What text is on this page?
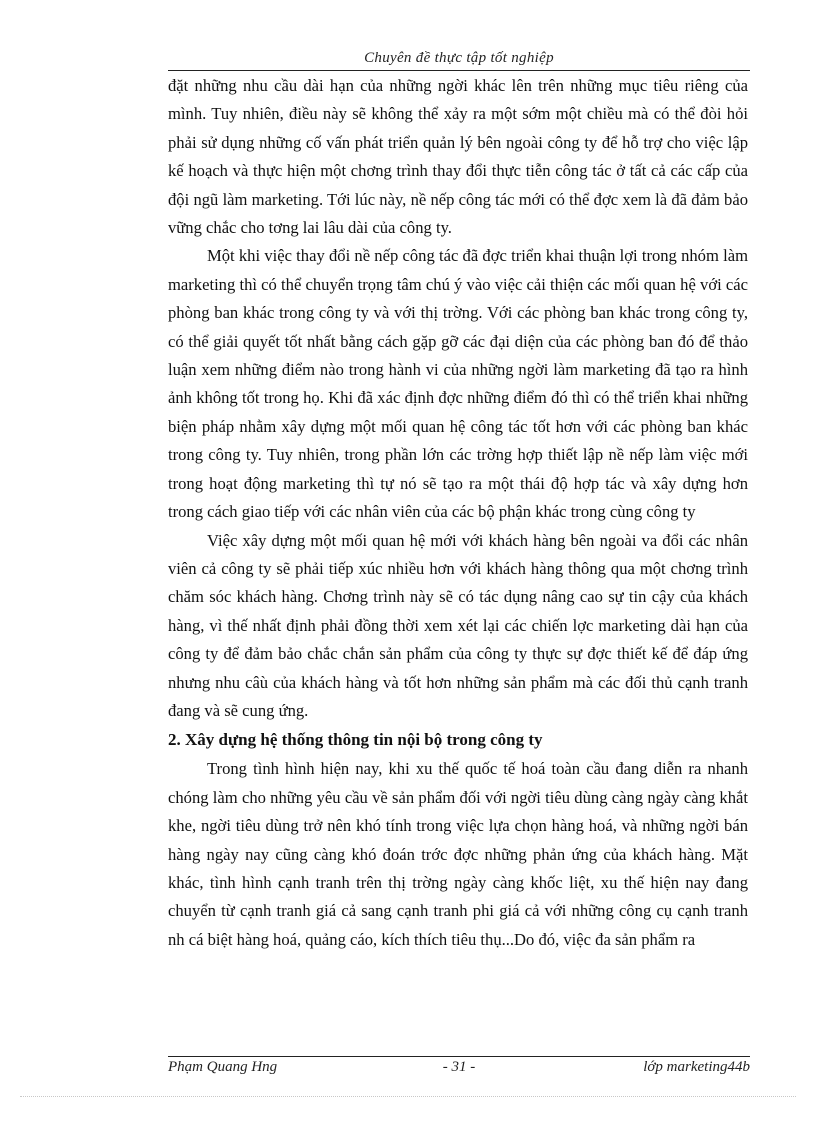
Chuyên đề thực tập tốt nghiệp

đặt những nhu cầu dài hạn của những ngời khác lên trên những mục tiêu riêng của mình. Tuy nhiên, điều này sẽ không thể xảy ra một sớm một chiều mà có thể đòi hỏi phải sử dụng những cố vấn phát triển quản lý bên ngoài công ty để hỗ trợ cho việc lập kế hoạch và thực hiện một chơng trình thay đổi thực tiễn công tác ở tất cả các cấp của đội ngũ làm marketing. Tới lúc này, nề nếp công tác mới có thể đợc xem là đã đảm bảo vững chắc cho tơng lai lâu dài của công ty.

Một khi việc thay đổi nề nếp công tác đã đợc triển khai thuận lợi trong nhóm làm marketing thì có thể chuyển trọng tâm chú ý vào việc cải thiện các mối quan hệ với các phòng ban khác trong công ty và với thị trờng. Với các phòng ban khác trong công ty, có thể giải quyết tốt nhất bằng cách gặp gỡ các đại diện của các phòng ban đó để thảo luận xem những điểm nào trong hành vi của những ngời làm marketing đã tạo ra hình ảnh không tốt trong họ. Khi đã xác định đợc những điểm đó thì có thể triển khai những biện pháp nhằm xây dựng một mối quan hệ công tác tốt hơn với các phòng ban khác trong công ty. Tuy nhiên, trong phần lớn các trờng hợp thiết lập nề nếp làm việc mới trong hoạt động marketing thì tự nó sẽ tạo ra một thái độ hợp tác và xây dựng hơn trong cách giao tiếp với các nhân viên của các bộ phận khác trong cùng công ty

Việc xây dựng một mối quan hệ mới với khách hàng bên ngoài va đổi các nhân viên cả công ty sẽ phải tiếp xúc nhiều hơn với khách hàng thông qua một chơng trình chăm sóc khách hàng. Chơng trình này sẽ có tác dụng nâng cao sự tin cậy của khách hàng, vì thế nhất định phải đồng thời xem xét lại các chiến lợc marketing dài hạn của công ty để đảm bảo chắc chắn sản phẩm của công ty thực sự đợc thiết kế để đáp ứng nhưng nhu câù của khách hàng và tốt hơn những sản phẩm mà các đối thủ cạnh tranh đang và sẽ cung ứng.

2. Xây dựng hệ thống thông tin nội bộ trong công ty

Trong tình hình hiện nay, khi xu thế quốc tế hoá toàn cầu đang diễn ra nhanh chóng làm cho những yêu cầu về sản phẩm đối với ngời tiêu dùng càng ngày càng khắt khe, ngời tiêu dùng trở nên khó tính trong việc lựa chọn hàng hoá, và những ngời bán hàng ngày nay cũng càng khó đoán trớc đợc những phản ứng của khách hàng. Mặt khác, tình hình cạnh tranh trên thị trờng ngày càng khốc liệt, xu thế hiện nay đang chuyển từ cạnh tranh giá cả sang cạnh tranh phi giá cả với những công cụ cạnh tranh nh cá biệt hàng hoá, quảng cáo, kích thích tiêu thụ...Do đó, việc đa sản phẩm ra

Phạm Quang Hng	- 31 -	lớp marketing44b
